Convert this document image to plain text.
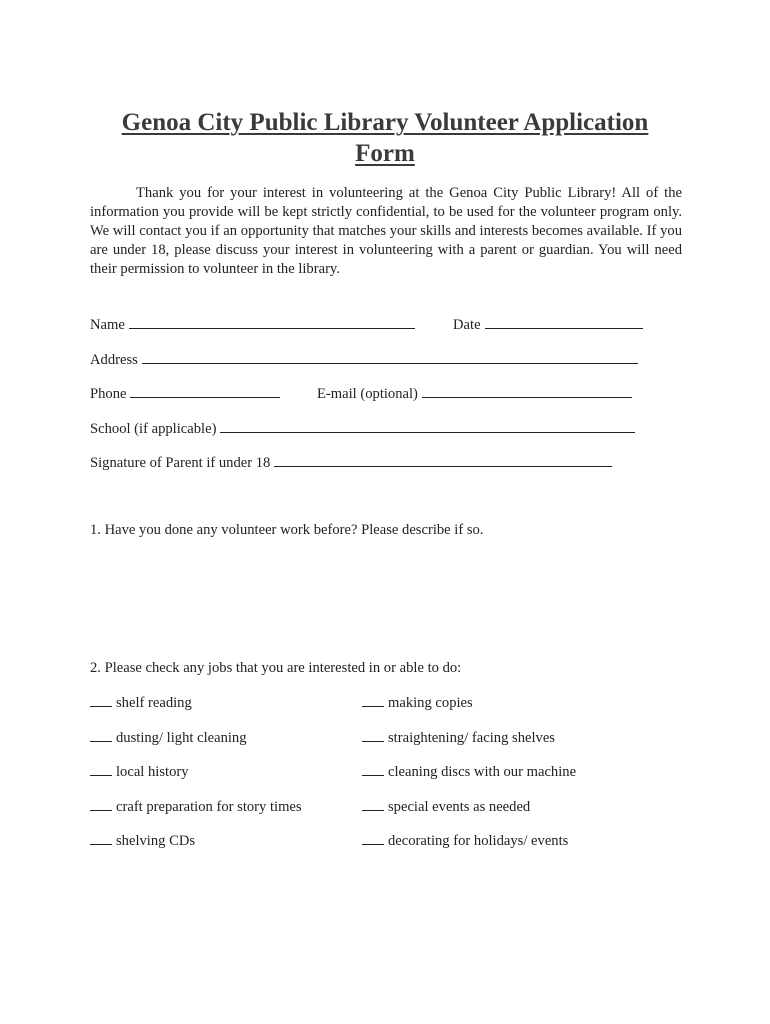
Genoa City Public Library Volunteer Application Form
Thank you for your interest in volunteering at the Genoa City Public Library! All of the information you provide will be kept strictly confidential, to be used for the volunteer program only. We will contact you if an opportunity that matches your skills and interests becomes available. If you are under 18, please discuss your interest in volunteering with a parent or guardian. You will need their permission to volunteer in the library.
Name	Date
Address
Phone	E-mail (optional)
School (if applicable)
Signature of Parent if under 18
1. Have you done any volunteer work before? Please describe if so.
2. Please check any jobs that you are interested in or able to do:
shelf reading
dusting/ light cleaning
local history
craft preparation for story times
shelving CDs
making copies
straightening/ facing shelves
cleaning discs with our machine
special events as needed
decorating for holidays/ events
